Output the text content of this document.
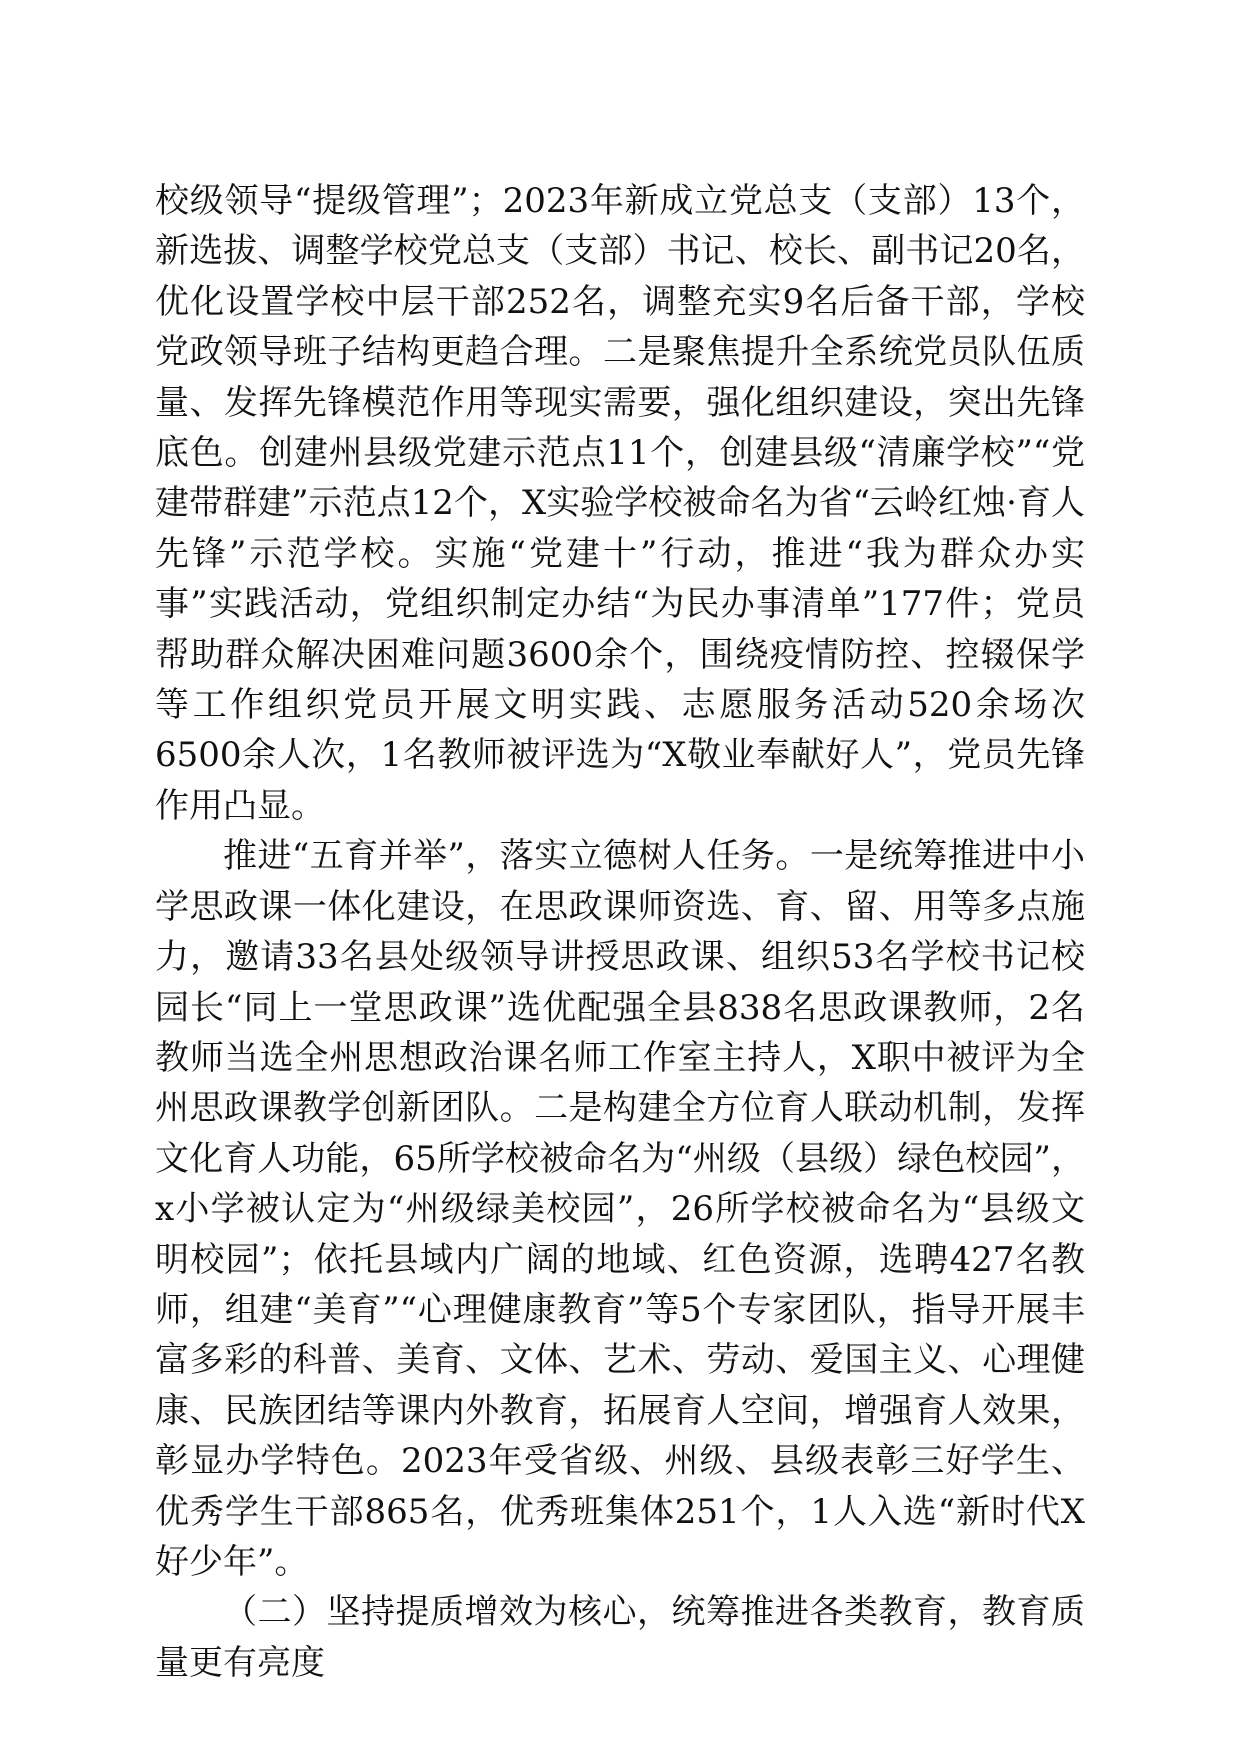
校级领导“提级管理”；2023年新成立党总支（支部）13个，新选拔、调整学校党总支（支部）书记、校长、副书记20名，优化设置学校中层干部252名，调整充实9名后备干部，学校党政领导班子结构更趋合理。二是聚焦提升全系统党员队伍质量、发挥先锋模范作用等现实需要，强化组织建设，突出先锋底色。创建州县级党建示范点11个，创建县级“清廉学校”“党建带群建”示范点12个，X实验学校被命名为省“云岭红烛·育人先锋”示范学校。实施“党建十”行动，推进“我为群众办实事”实践活动，党组织制定办结“为民办事清单”177件；党员帮助群众解决困难问题3600余个，围绕疫情防控、控辍保学等工作组织党员开展文明实践、志愿服务活动520余场次6500余人次，1名教师被评选为“X敬业奉献好人”，党员先锋作用凸显。

推进“五育并举”，落实立德树人任务。一是统筹推进中小学思政课一体化建设，在思政课师资选、育、留、用等多点施力，邀请33名县处级领导讲授思政课、组织53名学校书记校园长“同上一堂思政课”选优配强全县838名思政课教师，2名教师当选全州思想政治课名师工作室主持人，X职中被评为全州思政课教学创新团队。二是构建全方位育人联动机制，发挥文化育人功能，65所学校被命名为“州级（县级）绿色校园”，x小学被认定为“州级绿美校园”，26所学校被命名为“县级文明校园”；依托县域内广阔的地域、红色资源，选聘427名教师，组建“美育”“心理健康教育”等5个专家团队，指导开展丰富多彩的科普、美育、文体、艺术、劳动、爱国主义、心理健康、民族团结等课内外教育，拓展育人空间，增强育人效果，彰显办学特色。2023年受省级、州级、县级表彰三好学生、优秀学生干部865名，优秀班集体251个，1人入选“新时代X好少年”。

（二）坚持提质增效为核心，统筹推进各类教育，教育质量更有亮度
